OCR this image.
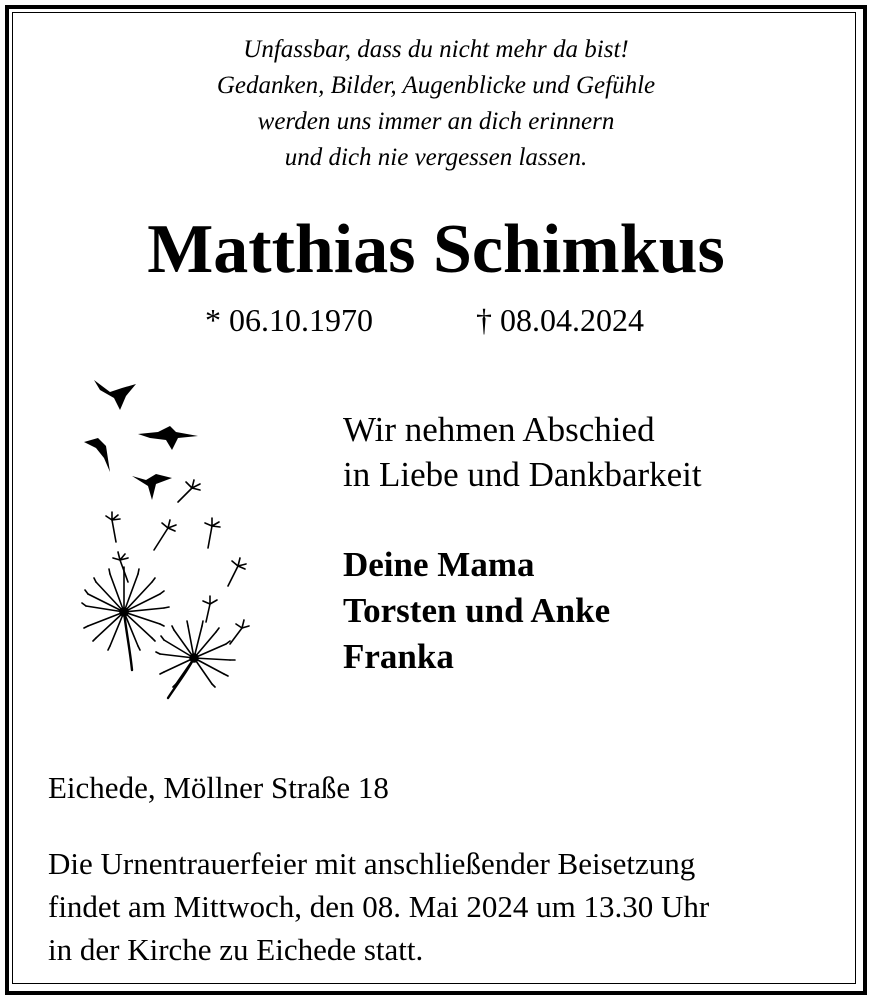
Unfassbar, dass du nicht mehr da bist!
Gedanken, Bilder, Augenblicke und Gefühle
werden uns immer an dich erinnern
und dich nie vergessen lassen.
Matthias Schimkus
* 06.10.1970	† 08.04.2024
Wir nehmen Abschied
in Liebe und Dankbarkeit
Deine Mama
Torsten und Anke
Franka
Eichede, Möllner Straße 18
Die Urnentrauerfeier mit anschließender Beisetzung
findet am Mittwoch, den 08. Mai 2024 um 13.30 Uhr
in der Kirche zu Eichede statt.
